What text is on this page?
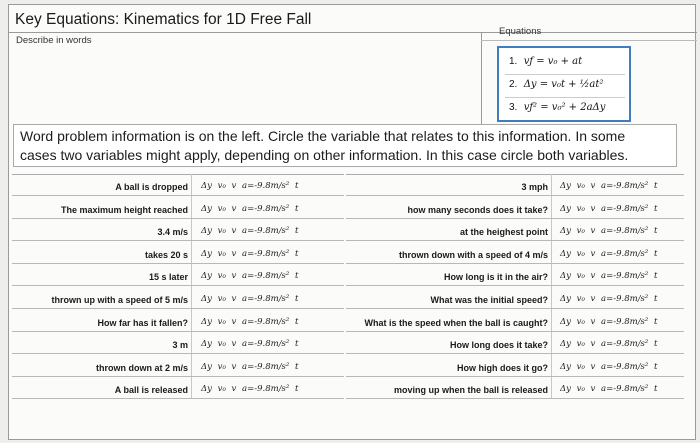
Key Equations: Kinematics for 1D Free Fall
Describe in words
Equations
1. vƒ = v₀ + at
2. Δy = v₀t + ½at²
3. vƒ² = v₀² + 2aΔy
Word problem information is on the left. Circle the variable that relates to this information. In some
cases two variables might apply, depending on other information. In this case circle both variables.
A ball is dropped Δy v₀ v a=-9.8m/s² t
The maximum height reached Δy v₀ v a=-9.8m/s² t
3.4 m/s Δy v₀ v a=-9.8m/s² t
takes 20 s Δy v₀ v a=-9.8m/s² t
15 s later Δy v₀ v a=-9.8m/s² t
thrown up with a speed of 5 m/s Δy v₀ v a=-9.8m/s² t
How far has it fallen? Δy v₀ v a=-9.8m/s² t
3 m Δy v₀ v a=-9.8m/s² t
thrown down at 2 m/s Δy v₀ v a=-9.8m/s² t
A ball is released Δy v₀ v a=-9.8m/s² t
3 mph Δy v₀ v a=-9.8m/s² t
how many seconds does it take? Δy v₀ v a=-9.8m/s² t
at the heighest point Δy v₀ v a=-9.8m/s² t
thrown down with a speed of 4 m/s Δy v₀ v a=-9.8m/s² t
How long is it in the air? Δy v₀ v a=-9.8m/s² t
What was the initial speed? Δy v₀ v a=-9.8m/s² t
What is the speed when the ball is caught? Δy v₀ v a=-9.8m/s² t
How long does it take? Δy v₀ v a=-9.8m/s² t
How high does it go? Δy v₀ v a=-9.8m/s² t
moving up when the ball is released Δy v₀ v a=-9.8m/s² t
